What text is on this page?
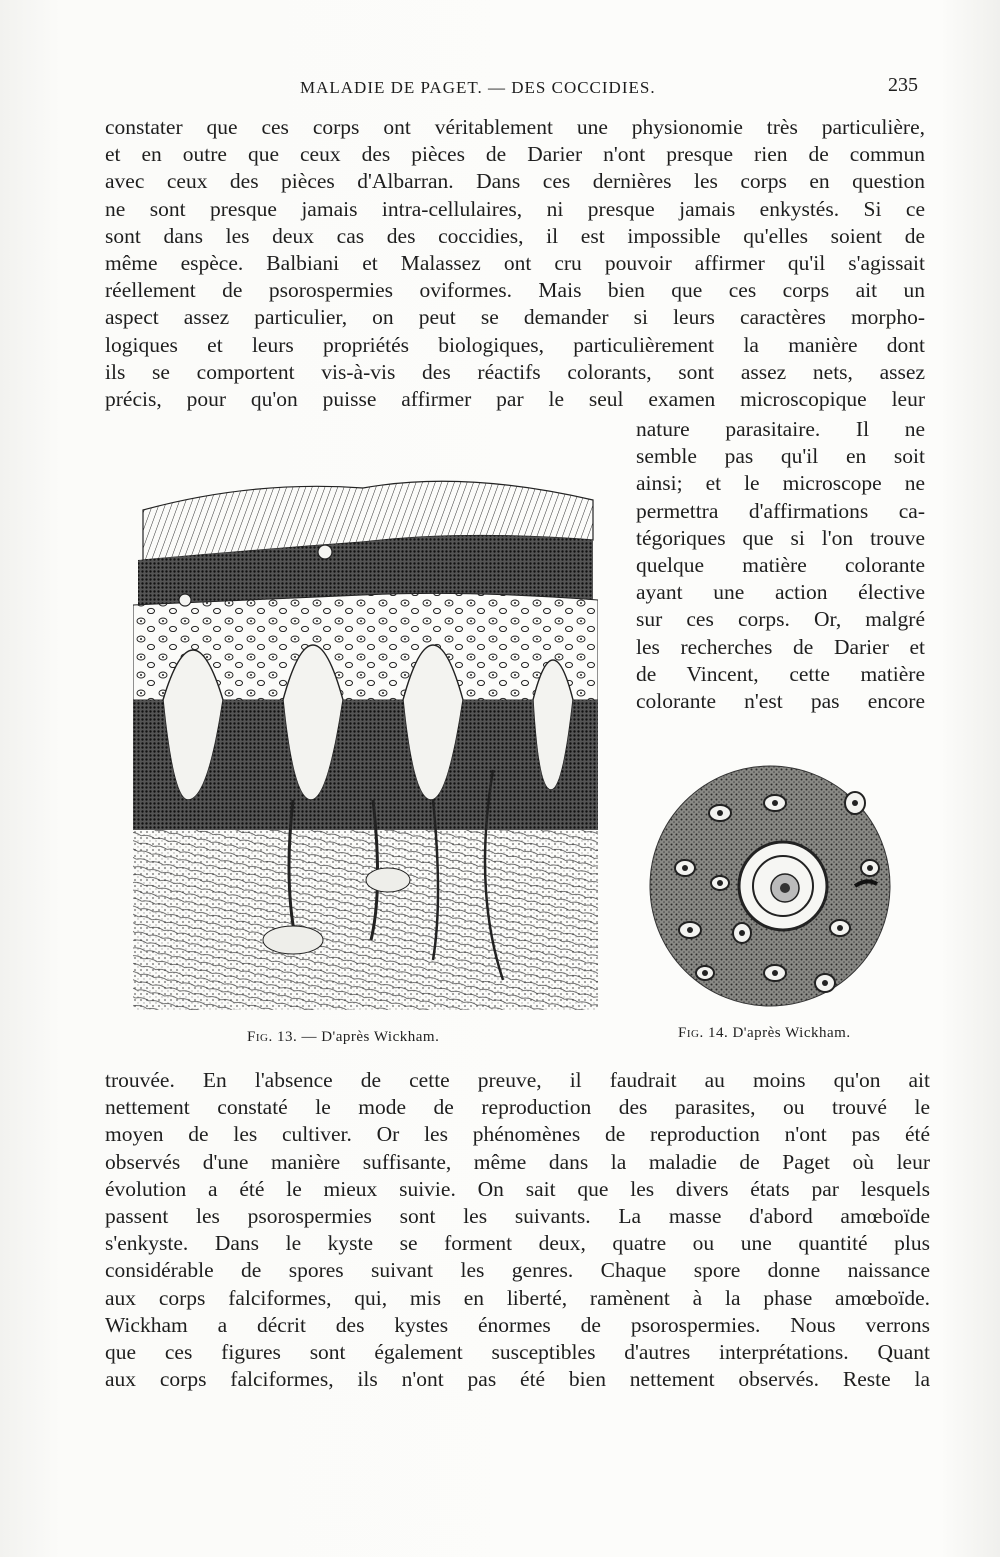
MALADIE DE PAGET. — DES COCCIDIES.	235
constater que ces corps ont véritablement une physionomie très particulière,
et en outre que ceux des pièces de Darier n'ont presque rien de commun
avec ceux des pièces d'Albarran. Dans ces dernières les corps en question
ne sont presque jamais intra-cellulaires, ni presque jamais enkystés. Si ce
sont dans les deux cas des coccidies, il est impossible qu'elles soient de
même espèce. Balbiani et Malassez ont cru pouvoir affirmer qu'il s'agissait
réellement de psorospermies oviformes. Mais bien que ces corps ait un
aspect assez particulier, on peut se demander si leurs caractères morpho-
logiques et leurs propriétés biologiques, particulièrement la manière dont
ils se comportent vis-à-vis des réactifs colorants, sont assez nets, assez
précis, pour qu'on puisse affirmer par le seul examen microscopique leur
nature parasitaire. Il ne
semble pas qu'il en soit
ainsi; et le microscope ne
permettra d'affirmations ca-
tégoriques que si l'on trouve
quelque matière colorante
ayant une action élective
sur ces corps. Or, malgré
les recherches de Darier et
de Vincent, cette matière
colorante n'est pas encore
Fig. 13. — D'après Wickham.	Fig. 14. D'après Wickham.
trouvée. En l'absence de cette preuve, il faudrait au moins qu'on ait
nettement constaté le mode de reproduction des parasites, ou trouvé le
moyen de les cultiver. Or les phénomènes de reproduction n'ont pas été
observés d'une manière suffisante, même dans la maladie de Paget où leur
évolution a été le mieux suivie. On sait que les divers états par lesquels
passent les psorospermies sont les suivants. La masse d'abord amœboïde
s'enkyste. Dans le kyste se forment deux, quatre ou une quantité plus
considérable de spores suivant les genres. Chaque spore donne naissance
aux corps falciformes, qui, mis en liberté, ramènent à la phase amœboïde.
Wickham a décrit des kystes énormes de psorospermies. Nous verrons
que ces figures sont également susceptibles d'autres interprétations. Quant
aux corps falciformes, ils n'ont pas été bien nettement observés. Reste la
